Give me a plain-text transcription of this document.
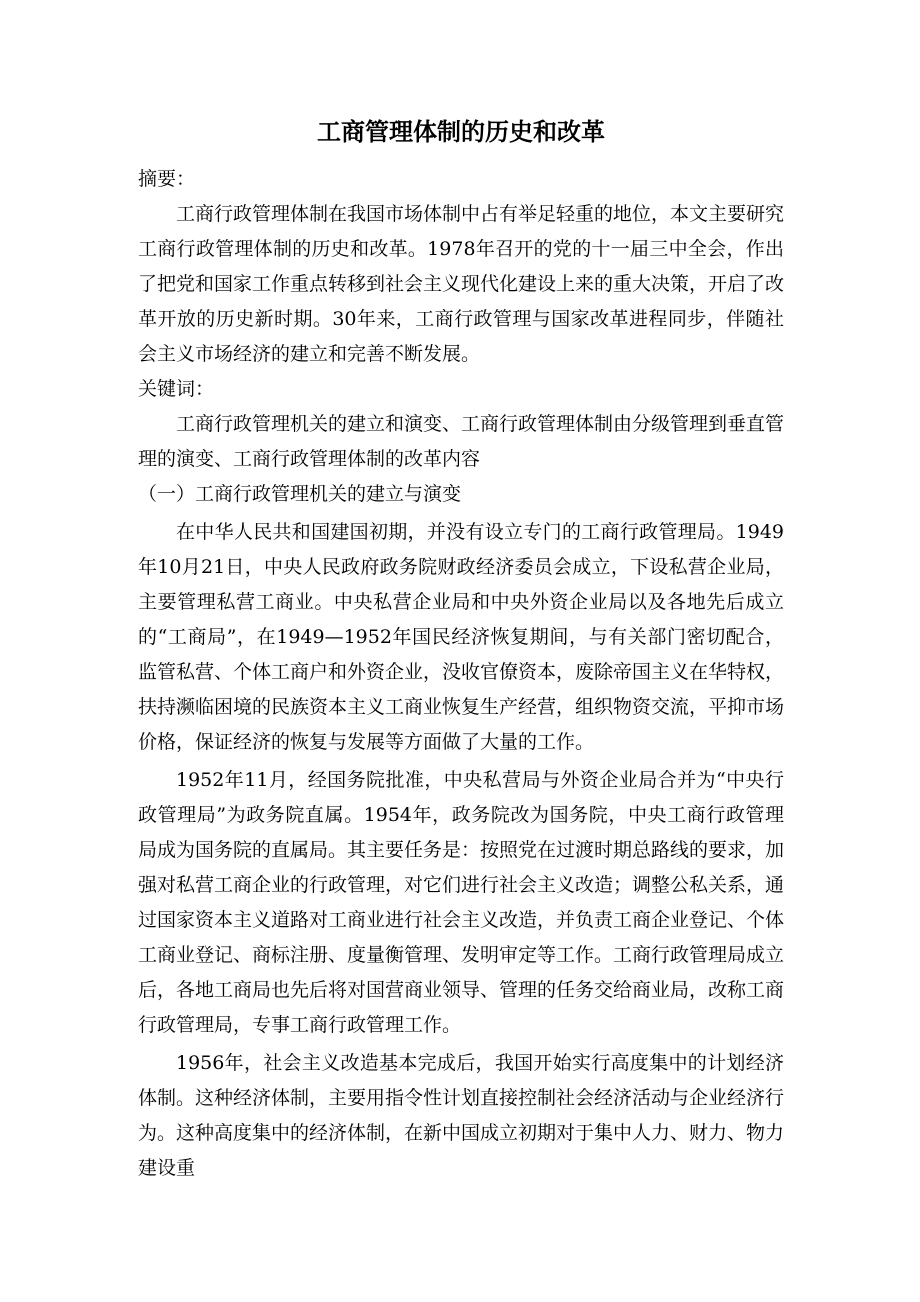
工商管理体制的历史和改革

摘要：

工商行政管理体制在我国市场体制中占有举足轻重的地位，本文主要研究工商行政管理体制的历史和改革。1978年召开的党的十一届三中全会，作出了把党和国家工作重点转移到社会主义现代化建设上来的重大决策，开启了改革开放的历史新时期。30年来，工商行政管理与国家改革进程同步，伴随社会主义市场经济的建立和完善不断发展。

关键词：

工商行政管理机关的建立和演变、工商行政管理体制由分级管理到垂直管理的演变、工商行政管理体制的改革内容

（一）工商行政管理机关的建立与演变

在中华人民共和国建国初期，并没有设立专门的工商行政管理局。1949年10月21日，中央人民政府政务院财政经济委员会成立，下设私营企业局，主要管理私营工商业。中央私营企业局和中央外资企业局以及各地先后成立的“工商局”，在1949—1952年国民经济恢复期间，与有关部门密切配合，监管私营、个体工商户和外资企业，没收官僚资本，废除帝国主义在华特权，扶持濒临困境的民族资本主义工商业恢复生产经营，组织物资交流，平抑市场价格，保证经济的恢复与发展等方面做了大量的工作。

1952年11月，经国务院批准，中央私营局与外资企业局合并为“中央行政管理局”为政务院直属。1954年，政务院改为国务院，中央工商行政管理局成为国务院的直属局。其主要任务是：按照党在过渡时期总路线的要求，加强对私营工商企业的行政管理，对它们进行社会主义改造；调整公私关系，通过国家资本主义道路对工商业进行社会主义改造，并负责工商企业登记、个体工商业登记、商标注册、度量衡管理、发明审定等工作。工商行政管理局成立后，各地工商局也先后将对国营商业领导、管理的任务交给商业局，改称工商行政管理局，专事工商行政管理工作。

1956年，社会主义改造基本完成后，我国开始实行高度集中的计划经济体制。这种经济体制，主要用指令性计划直接控制社会经济活动与企业经济行为。这种高度集中的经济体制，在新中国成立初期对于集中人力、财力、物力建设重
